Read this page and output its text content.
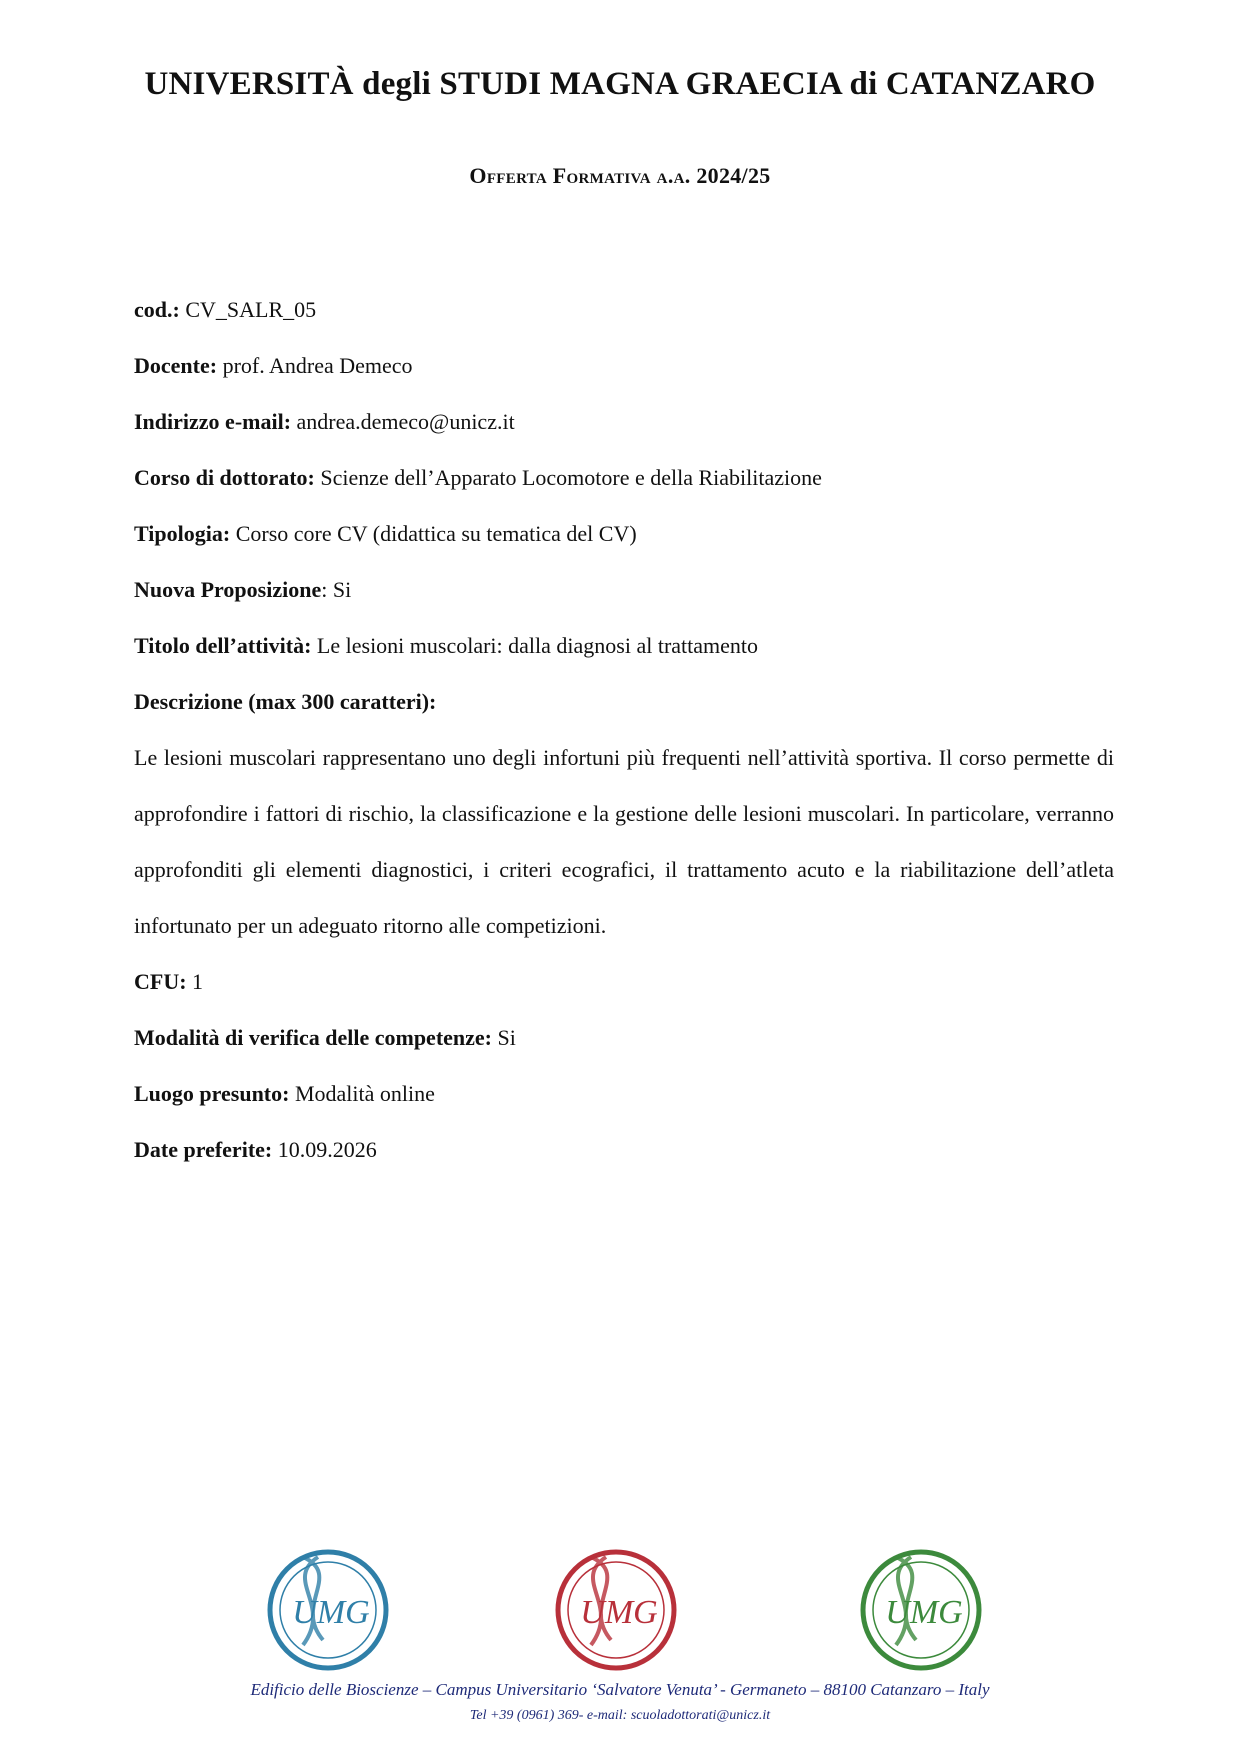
UNIVERSITÀ degli STUDI MAGNA GRAECIA di CATANZARO
Offerta Formativa a.a. 2024/25

cod.: CV_SALR_05

Docente: prof. Andrea Demeco

Indirizzo e-mail: andrea.demeco@unicz.it

Corso di dottorato: Scienze dell’Apparato Locomotore e della Riabilitazione

Tipologia: Corso core CV (didattica su tematica del CV)

Nuova Proposizione: Si

Titolo dell’attività: Le lesioni muscolari: dalla diagnosi al trattamento

Descrizione (max 300 caratteri):

Le lesioni muscolari rappresentano uno degli infortuni più frequenti nell’attività sportiva. Il corso permette di approfondire i fattori di rischio, la classificazione e la gestione delle lesioni muscolari. In particolare, verranno approfonditi gli elementi diagnostici, i criteri ecografici, il trattamento acuto e la riabilitazione dell’atleta infortunato per un adeguato ritorno alle competizioni.

CFU: 1

Modalità di verifica delle competenze: Si

Luogo presunto: Modalità online

Date preferite: 10.09.2026

UMG	UMG	UMG
Edificio delle Bioscienze – Campus Universitario ‘Salvatore Venuta’ - Germaneto – 88100 Catanzaro – Italy
Tel +39 (0961) 369- e-mail: scuoladottorati@unicz.it
